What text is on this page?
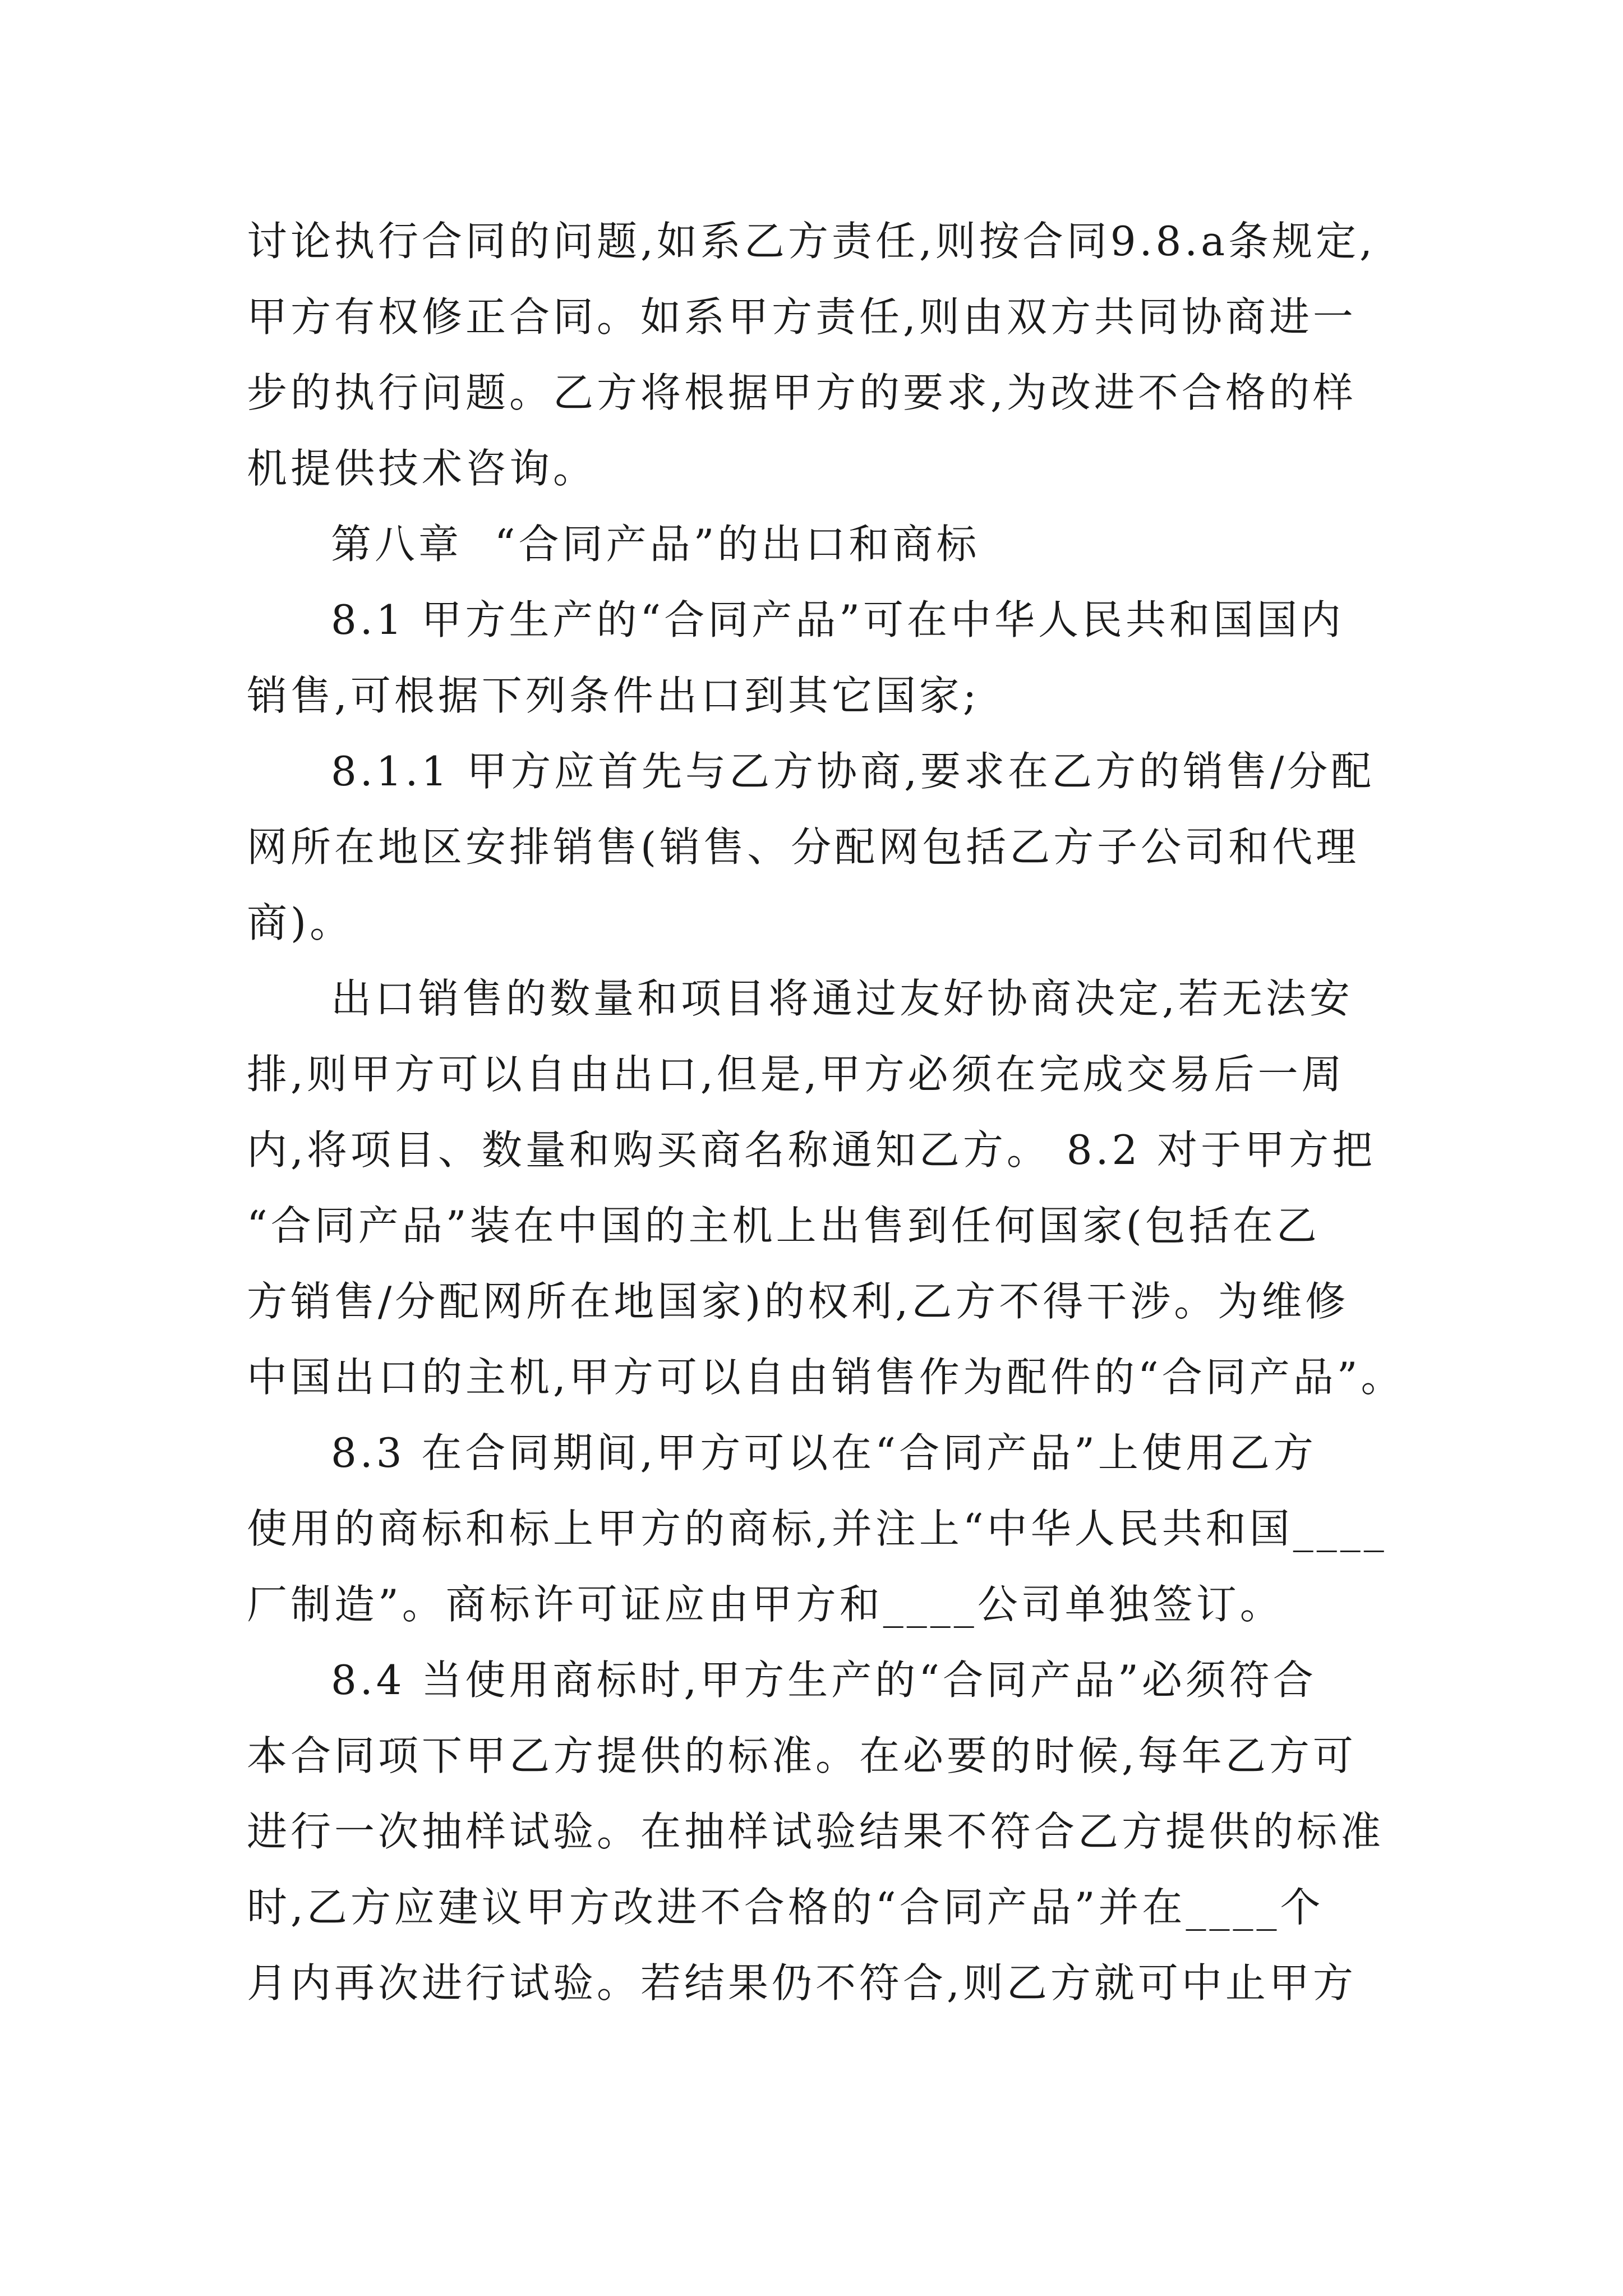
讨论执行合同的问题,如系乙方责任,则按合同9.8.a条规定,
甲方有权修正合同。如系甲方责任,则由双方共同协商进一
步的执行问题。乙方将根据甲方的要求,为改进不合格的样
机提供技术咨询。
第八章  “合同产品”的出口和商标
8.1 甲方生产的“合同产品”可在中华人民共和国国内
销售,可根据下列条件出口到其它国家;
8.1.1 甲方应首先与乙方协商,要求在乙方的销售/分配
网所在地区安排销售(销售、分配网包括乙方子公司和代理
商)。
出口销售的数量和项目将通过友好协商决定,若无法安
排,则甲方可以自由出口,但是,甲方必须在完成交易后一周
内,将项目、数量和购买商名称通知乙方。 8.2 对于甲方把
“合同产品”装在中国的主机上出售到任何国家(包括在乙
方销售/分配网所在地国家)的权利,乙方不得干涉。为维修
中国出口的主机,甲方可以自由销售作为配件的“合同产品”。
8.3 在合同期间,甲方可以在“合同产品”上使用乙方
使用的商标和标上甲方的商标,并注上“中华人民共和国____
厂制造”。商标许可证应由甲方和____公司单独签订。
8.4 当使用商标时,甲方生产的“合同产品”必须符合
本合同项下甲乙方提供的标准。在必要的时候,每年乙方可
进行一次抽样试验。在抽样试验结果不符合乙方提供的标准
时,乙方应建议甲方改进不合格的“合同产品”并在____个
月内再次进行试验。若结果仍不符合,则乙方就可中止甲方
